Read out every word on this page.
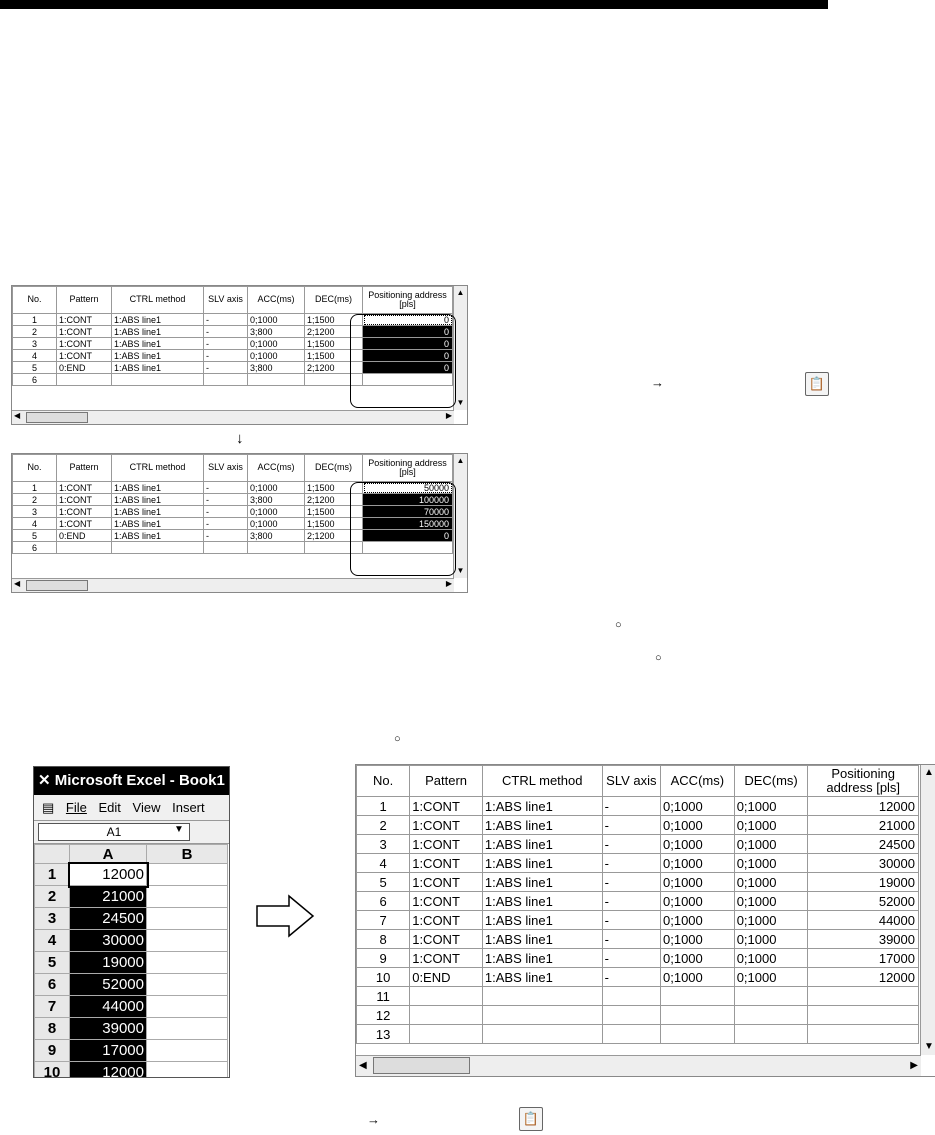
No.	Pattern	CTRL method	SLV axis	ACC(ms)	DEC(ms)	Positioning address [pls]
1	1:CONT	1:ABS line1	-	0;1000	1;1500	0
2	1:CONT	1:ABS line1	-	3;800	2;1200	0
3	1:CONT	1:ABS line1	-	0;1000	1;1500	0
4	1:CONT	1:ABS line1	-	0;1000	1;1500	0
5	0:END	1:ABS line1	-	3;800	2;1200	0
6						
▲
▼
◀	▶
↓
No.	Pattern	CTRL method	SLV axis	ACC(ms)	DEC(ms)	Positioning address [pls]
1	1:CONT	1:ABS line1	-	0;1000	1;1500	50000
2	1:CONT	1:ABS line1	-	3;800	2;1200	100000
3	1:CONT	1:ABS line1	-	0;1000	1;1500	70000
4	1:CONT	1:ABS line1	-	0;1000	1;1500	150000
5	0:END	1:ABS line1	-	3;800	2;1200	0
6						
▲
▼
◀	▶
→	📋
○
○
○
✕ Microsoft Excel - Book1
▤ File Edit View Insert
A1	▼
	A	B
1	12000	
2	21000	
3	24500	
4	30000	
5	19000	
6	52000	
7	44000	
8	39000	
9	17000	
10	12000	
No.	Pattern	CTRL method	SLV axis	ACC(ms)	DEC(ms)	Positioning address [pls]
1	1:CONT	1:ABS line1	-	0;1000	0;1000	12000
2	1:CONT	1:ABS line1	-	0;1000	0;1000	21000
3	1:CONT	1:ABS line1	-	0;1000	0;1000	24500
4	1:CONT	1:ABS line1	-	0;1000	0;1000	30000
5	1:CONT	1:ABS line1	-	0;1000	0;1000	19000
6	1:CONT	1:ABS line1	-	0;1000	0;1000	52000
7	1:CONT	1:ABS line1	-	0;1000	0;1000	44000
8	1:CONT	1:ABS line1	-	0;1000	0;1000	39000
9	1:CONT	1:ABS line1	-	0;1000	0;1000	17000
10	0:END	1:ABS line1	-	0;1000	0;1000	12000
11						
12						
13						
▲
▼
◀	▶
→	📋
